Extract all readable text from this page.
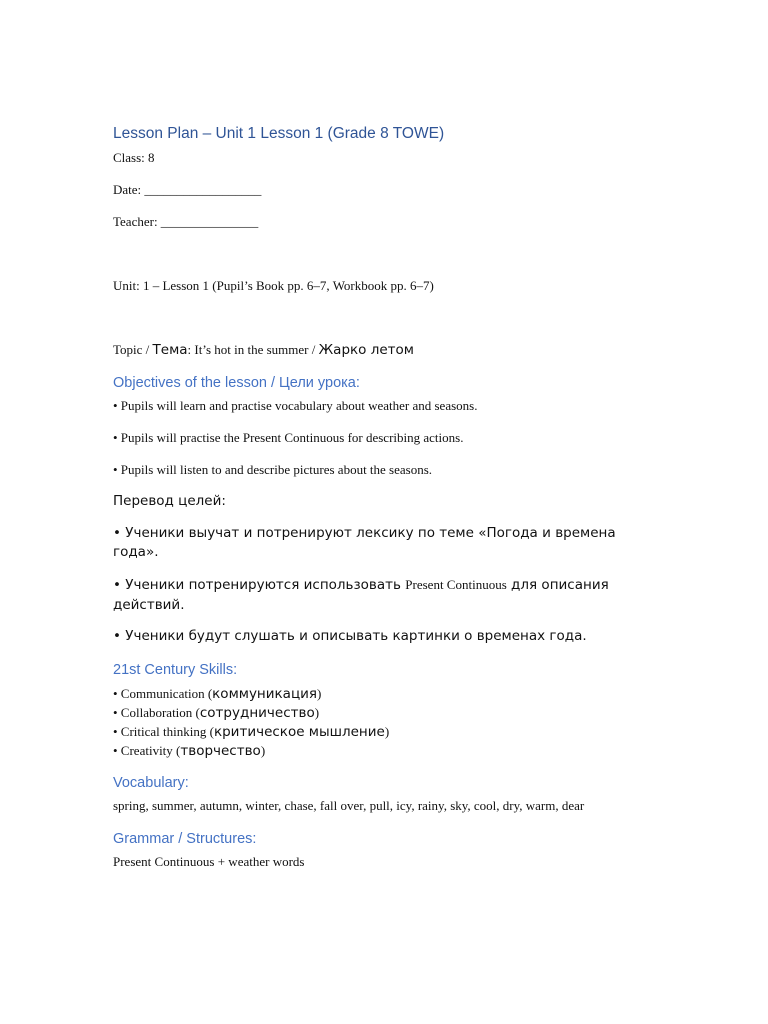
Lesson Plan – Unit 1 Lesson 1 (Grade 8 TOWE)
Class: 8
Date: __________________
Teacher: _______________
Unit: 1 – Lesson 1 (Pupil’s Book pp. 6–7, Workbook pp. 6–7)
Topic / Тема: It’s hot in the summer / Жарко летом
Objectives of the lesson / Цели урока:
• Pupils will learn and practise vocabulary about weather and seasons.
• Pupils will practise the Present Continuous for describing actions.
• Pupils will listen to and describe pictures about the seasons.
Перевод целей:
• Ученики выучат и потренируют лексику по теме «Погода и времена года».
• Ученики потренируются использовать Present Continuous для описания действий.
• Ученики будут слушать и описывать картинки о временах года.
21st Century Skills:
• Communication (коммуникация)
• Collaboration (сотрудничество)
• Critical thinking (критическое мышление)
• Creativity (творчество)
Vocabulary:
spring, summer, autumn, winter, chase, fall over, pull, icy, rainy, sky, cool, dry, warm, dear
Grammar / Structures:
Present Continuous + weather words
